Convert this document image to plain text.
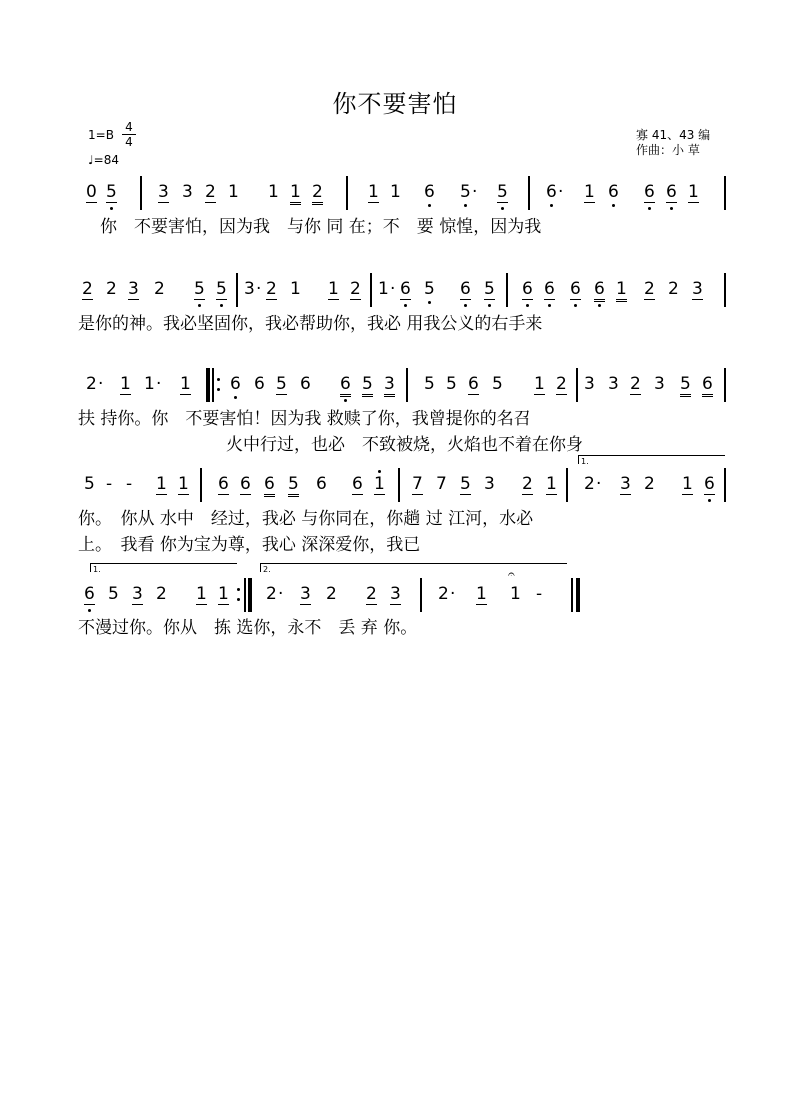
你不要害怕
1=B
4
4
♩=84
寡 41、43 编
作曲：小 草
0 5 3 3 2 1 1 1 2	1 1 6 5 · 5 6 · 1 6 6 6 1
2 2 3 2 5 5 3 · 2 1 1 2 1 · 6 5 6 5 6 6 6 6 1 2 2 3
2 · 1 1 · 1 6 6 5 6 6 5 3 5 5 6 5 1 2 3 3 2 3 5 6
5 - - 1 1 6 6 6 5 6 6 1 7 7 5 3 2 1 2 · 3 2 1 6
6 5 3 2 1 1 2 · 3 2 2 3 2 · 1 1 -
你　不要害怕，因为我　与你 同 在；不　要 惊惶，因为我
是你的神。我必坚固你，我必帮助你，我必 用我公义的右手来
扶 持你。你　不要害怕！因为我 救赎了你，我曾提你的名召
火中行过，也必　不致被烧，火焰也不着在你身
你。　你从 水中　经过，我必 与你同在，你趟 过 江河，水必
上。　我看 你为宝为尊，我心 深深爱你，我已
不漫过你。你从　拣 选你，永不　丢 弃 你。
1.
1.	2.	𝄐
